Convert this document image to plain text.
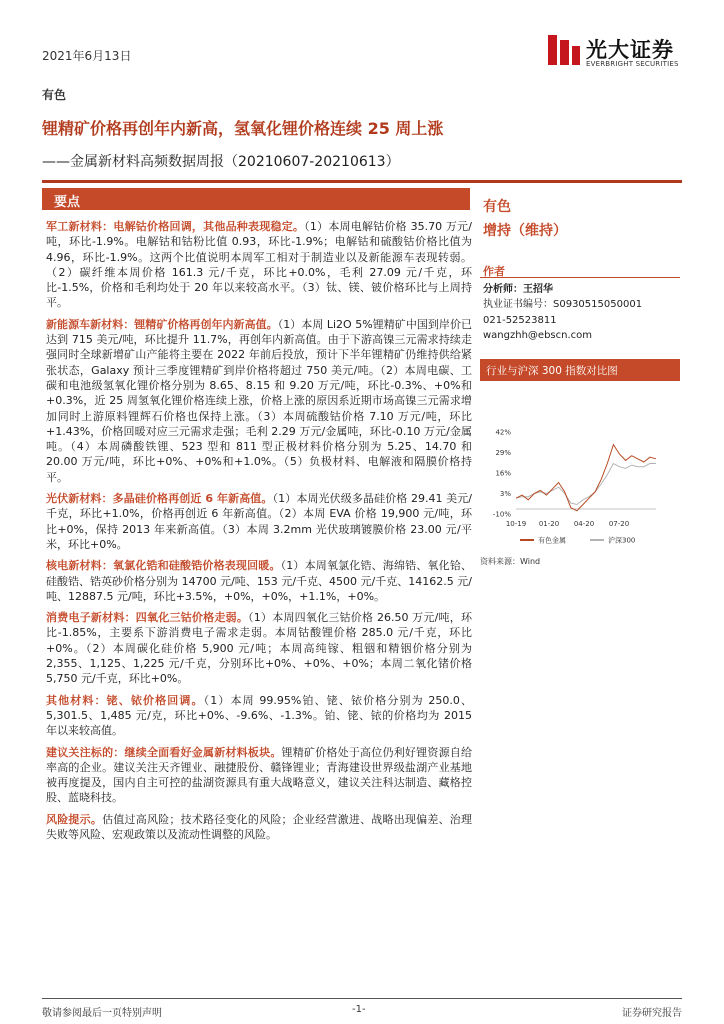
2021年6月13日	光大证券
EVERBRIGHT SECURITIES
有色
锂精矿价格再创年内新高，氢氧化锂价格连续 25 周上涨
——金属新材料高频数据周报（20210607-20210613）
要点
军工新材料：电解钴价格回调，其他品种表现稳定。（1）本周电解钴价格 35.70 万元/吨，环比-1.9%。电解钴和钴粉比值 0.93，环比-1.9%；电解钴和硫酸钴价格比值为 4.96，环比-1.9%。这两个比值说明本周军工相对于制造业以及新能源车表现转弱。（2）碳纤维本周价格 161.3 元/千克，环比+0.0%，毛利 27.09 元/千克，环比-1.5%，价格和毛利均处于 20 年以来较高水平。（3）钛、镁、铍价格环比与上周持平。
新能源车新材料：锂精矿价格再创年内新高值。（1）本周 Li2O 5%锂精矿中国到岸价已达到 715 美元/吨，环比提升 11.7%，再创年内新高值。由于下游高镍三元需求持续走强同时全球新增矿山产能将主要在 2022 年前后投放，预计下半年锂精矿仍维持供给紧张状态，Galaxy 预计三季度锂精矿到岸价格将超过 750 美元/吨。（2）本周电碳、工碳和电池级氢氧化锂价格分别为 8.65、8.15 和 9.20 万元/吨，环比-0.3%、+0%和+0.3%，近 25 周氢氧化锂价格连续上涨，价格上涨的原因系近期市场高镍三元需求增加同时上游原料锂辉石价格也保持上涨。（3）本周硫酸钴价格 7.10 万元/吨，环比+1.43%，价格回暖对应三元需求走强；毛利 2.29 万元/金属吨，环比-0.10 万元/金属吨。（4）本周磷酸铁锂、523 型和 811 型正极材料价格分别为 5.25、14.70 和 20.00 万元/吨，环比+0%、+0%和+1.0%。（5）负极材料、电解液和隔膜价格持平。
光伏新材料：多晶硅价格再创近 6 年新高值。（1）本周光伏级多晶硅价格 29.41 美元/千克，环比+1.0%，价格再创近 6 年新高值。（2）本周 EVA 价格 19,900 元/吨，环比+0%，保持 2013 年来新高值。（3）本周 3.2mm 光伏玻璃镀膜价格 23.00 元/平米，环比+0%。
核电新材料：氧氯化锆和硅酸锆价格表现回暖。（1）本周氧氯化锆、海绵锆、氧化铪、硅酸锆、锆英砂价格分别为 14700 元/吨、153 元/千克、4500 元/千克、14162.5 元/吨、12887.5 元/吨，环比+3.5%，+0%，+0%，+1.1%，+0%。
消费电子新材料：四氧化三钴价格走弱。（1）本周四氧化三钴价格 26.50 万元/吨，环比-1.85%，主要系下游消费电子需求走弱。本周钴酸锂价格 285.0 元/千克，环比+0%。（2）本周碳化硅价格 5,900 元/吨；本周高纯镓、粗铟和精铟价格分别为 2,355、1,125、1,225 元/千克，分别环比+0%、+0%、+0%；本周二氧化锗价格 5,750 元/千克，环比+0%。
其他材料：铑、铱价格回调。（1）本周 99.95%铂、铑、铱价格分别为 250.0、5,301.5、1,485 元/克，环比+0%、-9.6%、-1.3%。铂、铑、铱的价格均为 2015 年以来较高值。
建议关注标的：继续全面看好金属新材料板块。锂精矿价格处于高位仍利好锂资源自给率高的企业。建议关注天齐锂业、融捷股份、赣锋锂业；青海建设世界级盐湖产业基地被再度提及，国内自主可控的盐湖资源具有重大战略意义，建议关注科达制造、藏格控股、蓝晓科技。
风险提示。估值过高风险；技术路径变化的风险；企业经营激进、战略出现偏差、治理失败等风险、宏观政策以及流动性调整的风险。
有色
增持（维持）
作者
分析师：王招华
执业证书编号：S0930515050001
021-52523811
wangzhh@ebscn.com
行业与沪深 300 指数对比图
42%
29%
16%
3%
-10%
10-19 01-20 04-20 07-20
有色金属	沪深300
资料来源：Wind
敬请参阅最后一页特别声明	-1-	证券研究报告
